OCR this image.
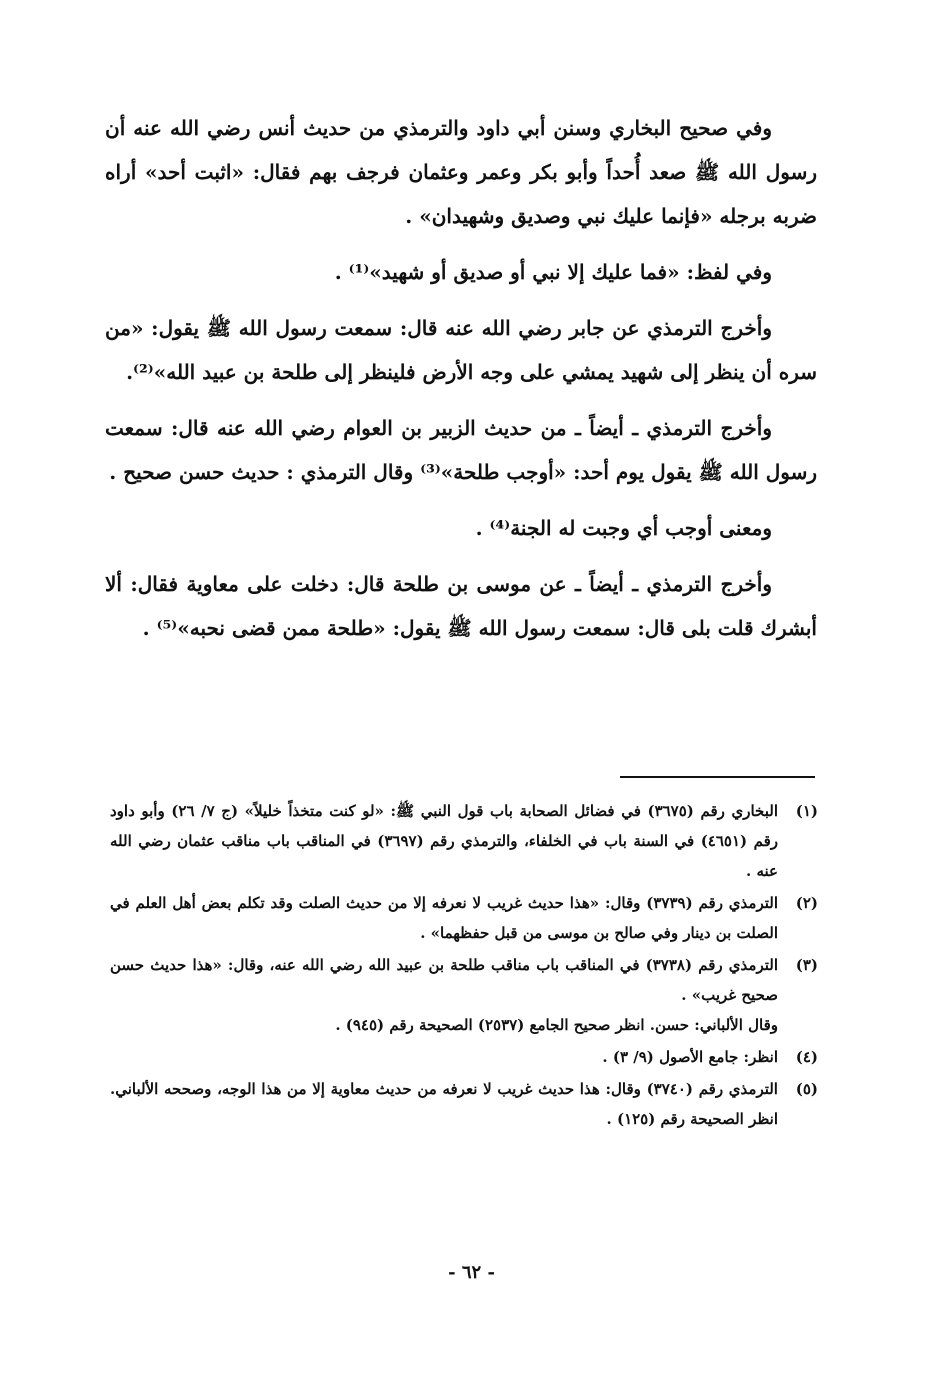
وفي صحيح البخاري وسنن أبي داود والترمذي من حديث أنس رضي الله عنه أن رسول الله ﷺ صعد أُحداً وأبو بكر وعمر وعثمان فرجف بهم فقال: «اثبت أحد» أراه ضربه برجله «فإنما عليك نبي وصديق وشهيدان» .

وفي لفظ: «فما عليك إلا نبي أو صديق أو شهيد»⁽¹⁾ .

وأخرج الترمذي عن جابر رضي الله عنه قال: سمعت رسول الله ﷺ يقول: «من سره أن ينظر إلى شهيد يمشي على وجه الأرض فلينظر إلى طلحة بن عبيد الله»⁽²⁾.

وأخرج الترمذي ـ أيضاً ـ من حديث الزبير بن العوام رضي الله عنه قال: سمعت رسول الله ﷺ يقول يوم أحد: «أوجب طلحة»⁽³⁾ وقال الترمذي : حديث حسن صحيح .

ومعنى أوجب أي وجبت له الجنة⁽⁴⁾ .

وأخرج الترمذي ـ أيضاً ـ عن موسى بن طلحة قال: دخلت على معاوية فقال: ألا أبشرك قلت بلى قال: سمعت رسول الله ﷺ يقول: «طلحة ممن قضى نحبه»⁽⁵⁾ .

(١)
البخاري رقم (٣٦٧٥) في فضائل الصحابة باب قول النبي ﷺ: «لو كنت متخذاً خليلاً» (ج ٧/ ٢٦) وأبو داود رقم (٤٦٥١) في السنة باب في الخلفاء، والترمذي رقم (٣٦٩٧) في المناقب باب مناقب عثمان رضي الله عنه .
(٢)
الترمذي رقم (٣٧٣٩) وقال: «هذا حديث غريب لا نعرفه إلا من حديث الصلت وقد تكلم بعض أهل العلم في الصلت بن دينار وفي صالح بن موسى من قبل حفظهما» .
(٣)
الترمذي رقم (٣٧٣٨) في المناقب باب مناقب طلحة بن عبيد الله رضي الله عنه، وقال: «هذا حديث حسن صحيح غريب» .
وقال الألباني: حسن. انظر صحيح الجامع (٢٥٣٧) الصحيحة رقم (٩٤٥) .
(٤)
انظر: جامع الأصول (٩/ ٣) .
(٥)
الترمذي رقم (٣٧٤٠) وقال: هذا حديث غريب لا نعرفه من حديث معاوية إلا من هذا الوجه، وصححه الألباني. انظر الصحيحة رقم (١٢٥) .
- ٦٢ -
